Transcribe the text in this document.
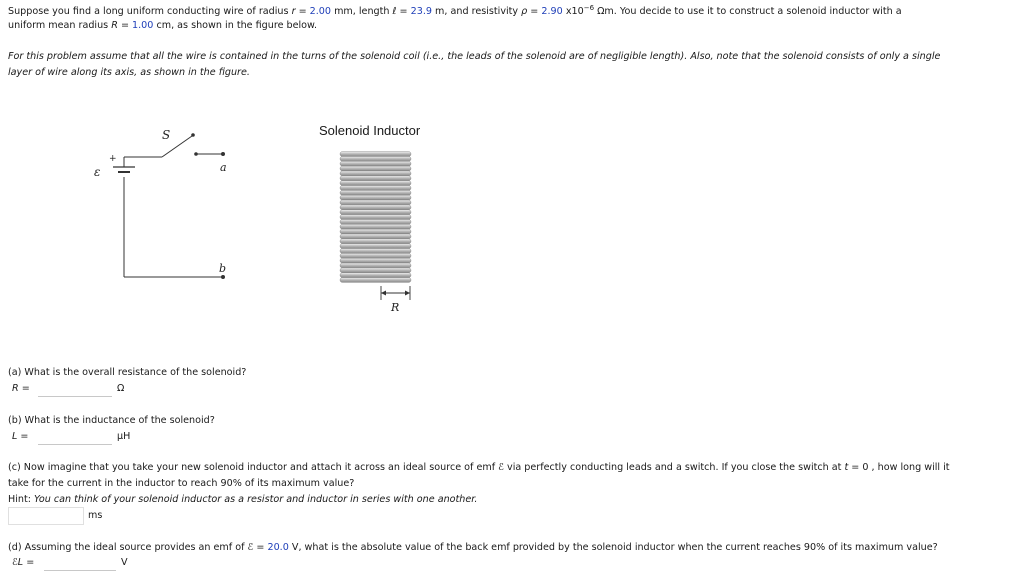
Suppose you find a long uniform conducting wire of radius r = 2.00 mm, length ℓ = 23.9 m, and resistivity ρ = 2.90 $x10^{-6}$ Ωm. You decide to use it to construct a solenoid inductor with a
uniform mean radius R = 1.00 cm, as shown in the figure below.
For this problem assume that all the wire is contained in the turns of the solenoid coil (i.e., the leads of the solenoid are of negligible length). Also, note that the solenoid consists of only a single
layer of wire along its axis, as shown in the figure.
S
+
ε	a
b
Solenoid Inductor
R
(a) What is the overall resistance of the solenoid?
R =	Ω
(b) What is the inductance of the solenoid?
L =	μH
(c) Now imagine that you take your new solenoid inductor and attach it across an ideal source of emf ℰ via perfectly conducting leads and a switch. If you close the switch at t = 0 , how long will it
take for the current in the inductor to reach 90% of its maximum value?
Hint: You can think of your solenoid inductor as a resistor and inductor in series with one another.
ms
(d) Assuming the ideal source provides an emf of ℰ = 20.0 V, what is the absolute value of the back emf provided by the solenoid inductor when the current reaches 90% of its maximum value?
ℰL =	V
